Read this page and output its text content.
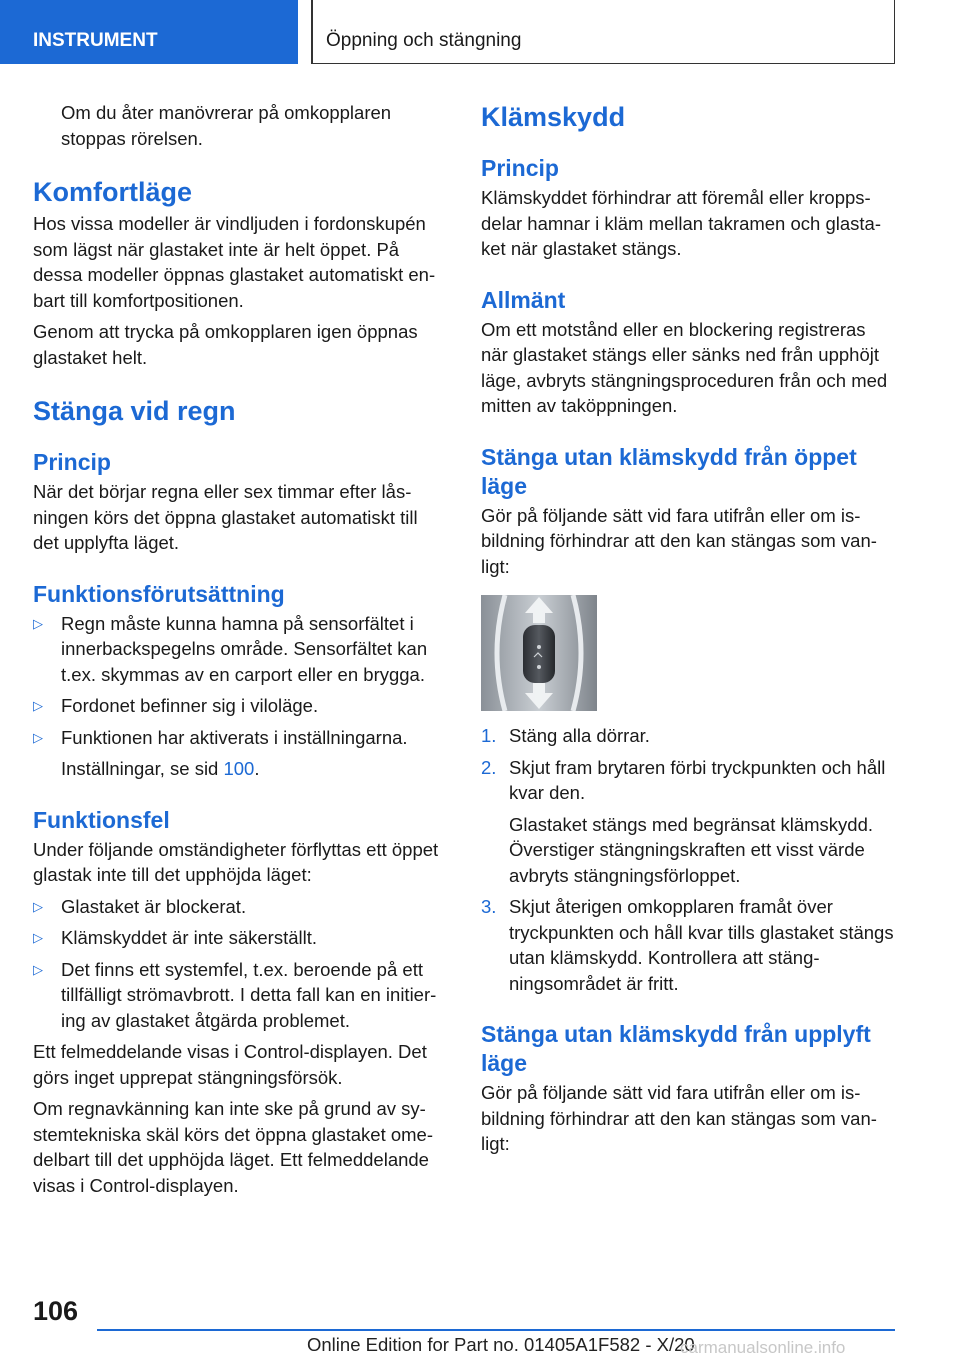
INSTRUMENT	Öppning och stängning

Om du åter manövrerar på omkopplaren stoppas rörelsen.

Komfortläge

Hos vissa modeller är vindljuden i fordonskupén som lägst när glastaket inte är helt öppet. På dessa modeller öppnas glastaket automatiskt enbart till komfortpositionen.

Genom att trycka på omkopplaren igen öppnas glastaket helt.

Stänga vid regn
Princip

När det börjar regna eller sex timmar efter låsningen körs det öppna glastaket automatiskt till det upplyfta läget.

Funktionsförutsättning
▷ Regn måste kunna hamna på sensorfältet i innerbackspegelns område. Sensorfältet kan t.ex. skymmas av en carport eller en brygga.
▷ Fordonet befinner sig i viloläge.
▷ Funktionen har aktiverats i inställningarna.

Inställningar, se sid 100.

Funktionsfel

Under följande omständigheter förflyttas ett öppet glastak inte till det upphöjda läget:

▷ Glastaket är blockerat.
▷ Klämskyddet är inte säkerställt.
▷ Det finns ett systemfel, t.ex. beroende på ett tillfälligt strömavbrott. I detta fall kan en initiering av glastaket åtgärda problemet.

Ett felmeddelande visas i Control-displayen. Det görs inget upprepat stängningsförsök.

Om regnavkänning kan inte ske på grund av systemtekniska skäl körs det öppna glastaket omedelbart till det upphöjda läget. Ett felmeddelande visas i Control-displayen.

Klämskydd
Princip

Klämskyddet förhindrar att föremål eller kroppsdelar hamnar i kläm mellan takramen och glastaket när glastaket stängs.

Allmänt

Om ett motstånd eller en blockering registreras när glastaket stängs eller sänks ned från upphöjt läge, avbryts stängningsproceduren från och med mitten av taköppningen.

Stänga utan klämskydd från öppet läge

Gör på följande sätt vid fara utifrån eller om isbildning förhindrar att den kan stängas som vanligt:

1. Stäng alla dörrar.
2. Skjut fram brytaren förbi tryckpunkten och håll kvar den.

Glastaket stängs med begränsat klämskydd. Överstiger stängningskraften ett visst värde avbryts stängningsförloppet.

3. Skjut återigen omkopplaren framåt över tryckpunkten och håll kvar tills glastaket stängs utan klämskydd. Kontrollera att stängningsområdet är fritt.
Stänga utan klämskydd från upplyft läge

Gör på följande sätt vid fara utifrån eller om isbildning förhindrar att den kan stängas som vanligt:

106
Online Edition for Part no. 01405A1F582 - X/20
carmanualsonline.info
